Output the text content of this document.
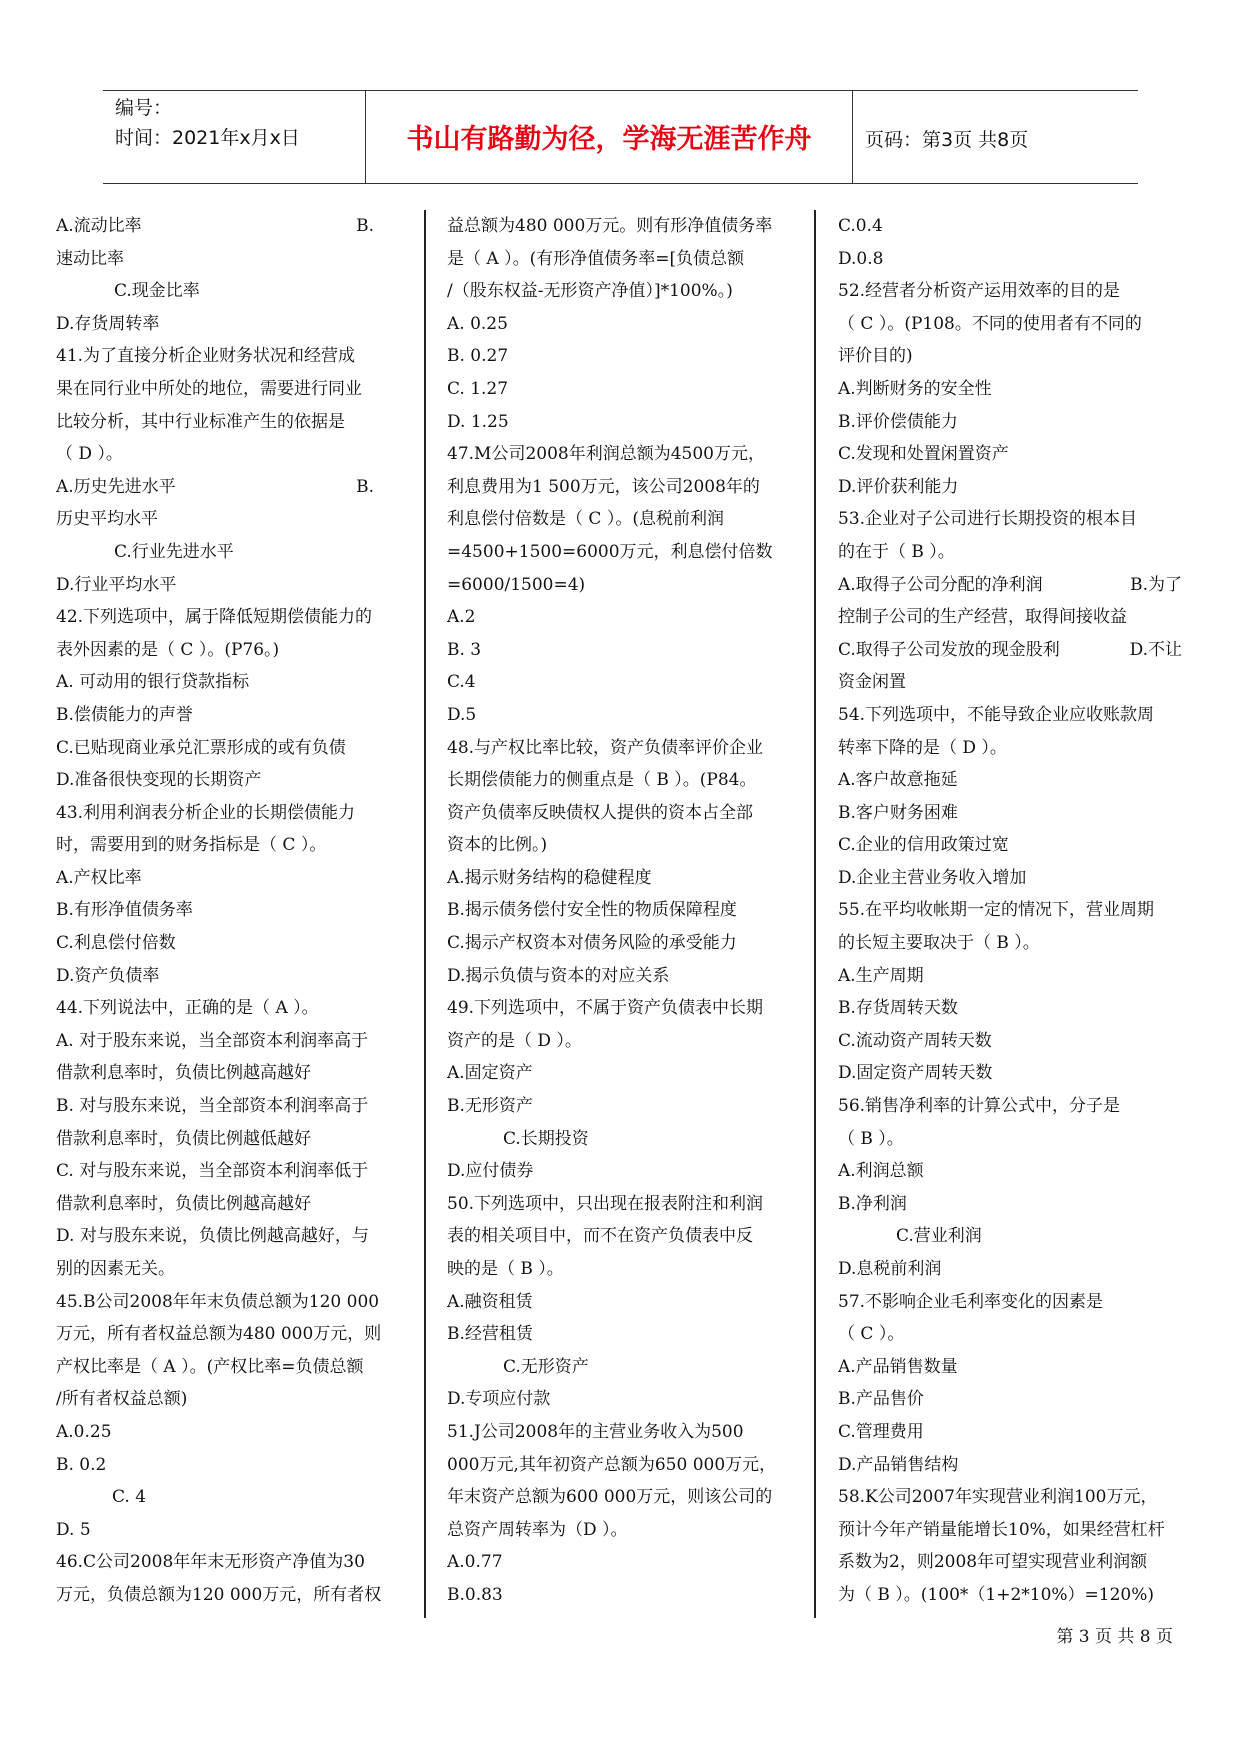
编号：
时间：2021年x月x日	书山有路勤为径，学海无涯苦作舟	页码：第3页 共8页
A.流动比率	B.
速动比率
C.现金比率
D.存货周转率
41.为了直接分析企业财务状况和经营成
果在同行业中所处的地位，需要进行同业
比较分析，其中行业标准产生的依据是
（ D ）。
A.历史先进水平	B.
历史平均水平
C.行业先进水平
D.行业平均水平
42.下列选项中，属于降低短期偿债能力的
表外因素的是（ C ）。(P76。)
A. 可动用的银行贷款指标
B.偿债能力的声誉
C.已贴现商业承兑汇票形成的或有负债
D.准备很快变现的长期资产
43.利用利润表分析企业的长期偿债能力
时，需要用到的财务指标是（ C ）。
A.产权比率
B.有形净值债务率
C.利息偿付倍数
D.资产负债率
44.下列说法中，正确的是（ A ）。
A. 对于股东来说，当全部资本利润率高于
借款利息率时，负债比例越高越好
B. 对与股东来说，当全部资本利润率高于
借款利息率时，负债比例越低越好
C. 对与股东来说，当全部资本利润率低于
借款利息率时，负债比例越高越好
D. 对与股东来说，负债比例越高越好，与
别的因素无关。
45.B公司2008年年末负债总额为120 000
万元，所有者权益总额为480 000万元，则
产权比率是（ A ）。(产权比率=负债总额
/所有者权益总额)
A.0.25
B. 0.2
C. 4
D. 5
46.C公司2008年年末无形资产净值为30
万元，负债总额为120 000万元，所有者权
益总额为480 000万元。则有形净值债务率
是（ A ）。(有形净值债务率=[负债总额
/（股东权益-无形资产净值）]*100%。)
A. 0.25
B. 0.27
C. 1.27
D. 1.25
47.M公司2008年利润总额为4500万元，
利息费用为1 500万元，该公司2008年的
利息偿付倍数是（ C ）。(息税前利润
=4500+1500=6000万元，利息偿付倍数
=6000/1500=4)
A.2
B. 3
C.4
D.5
48.与产权比率比较，资产负债率评价企业
长期偿债能力的侧重点是（ B ）。(P84。
资产负债率反映债权人提供的资本占全部
资本的比例。)
A.揭示财务结构的稳健程度
B.揭示债务偿付安全性的物质保障程度
C.揭示产权资本对债务风险的承受能力
D.揭示负债与资本的对应关系
49.下列选项中，不属于资产负债表中长期
资产的是（ D ）。
A.固定资产
B.无形资产
C.长期投资
D.应付债券
50.下列选项中，只出现在报表附注和利润
表的相关项目中，而不在资产负债表中反
映的是（ B ）。
A.融资租赁
B.经营租赁
C.无形资产
D.专项应付款
51.J公司2008年的主营业务收入为500
000万元,其年初资产总额为650 000万元，
年末资产总额为600 000万元，则该公司的
总资产周转率为（D ）。
A.0.77
B.0.83
C.0.4
D.0.8
52.经营者分析资产运用效率的目的是
（ C ）。(P108。不同的使用者有不同的
评价目的)
A.判断财务的安全性
B.评价偿债能力
C.发现和处置闲置资产
D.评价获利能力
53.企业对子公司进行长期投资的根本目
的在于（ B ）。
A.取得子公司分配的净利润	B.为了
控制子公司的生产经营，取得间接收益
C.取得子公司发放的现金股利	D.不让
资金闲置
54.下列选项中，不能导致企业应收账款周
转率下降的是（ D ）。
A.客户故意拖延
B.客户财务困难
C.企业的信用政策过宽
D.企业主营业务收入增加
55.在平均收帐期一定的情况下，营业周期
的长短主要取决于（ B ）。
A.生产周期
B.存货周转天数
C.流动资产周转天数
D.固定资产周转天数
56.销售净利率的计算公式中，分子是
（ B ）。
A.利润总额
B.净利润
C.营业利润
D.息税前利润
57.不影响企业毛利率变化的因素是
（ C ）。
A.产品销售数量
B.产品售价
C.管理费用
D.产品销售结构
58.K公司2007年实现营业利润100万元，
预计今年产销量能增长10%，如果经营杠杆
系数为2，则2008年可望实现营业利润额
为（ B ）。(100*（1+2*10%）=120%)
第 3 页 共 8 页
